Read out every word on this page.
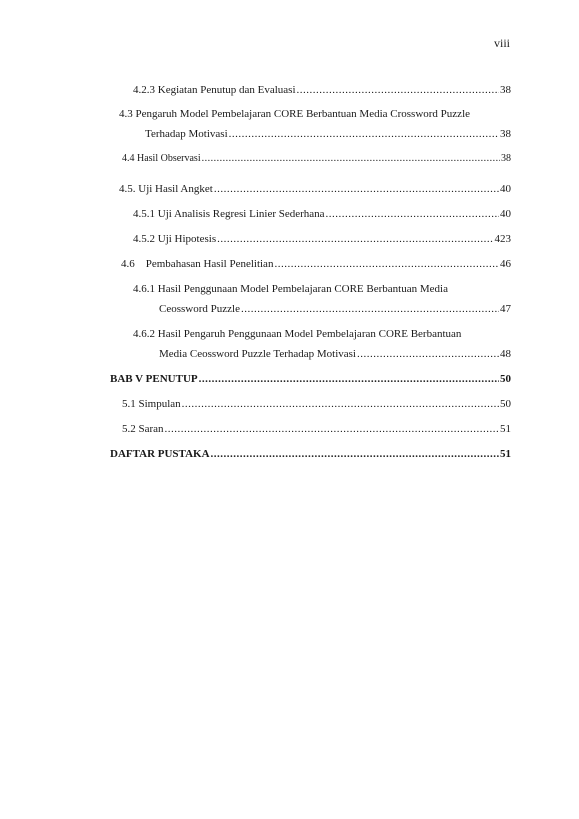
viii
4.2.3 Kegiatan Penutup dan Evaluasi .....	38
4.3 Pengaruh Model Pembelajaran CORE Berbantuan Media Crossword Puzzle
Terhadap Motivasi .....	38
4.4 Hasil Observasi .....	38
4.5. Uji Hasil Angket .....	40
4.5.1 Uji Analisis Regresi Linier Sederhana .....	40
4.5.2 Uji Hipotesis .....	423
4.6    Pembahasan Hasil Penelitian .....	46
4.6.1 Hasil Penggunaan Model Pembelajaran CORE Berbantuan Media
Ceossword Puzzle .....	47
4.6.2 Hasil Pengaruh Penggunaan Model Pembelajaran CORE Berbantuan
Media Ceossword Puzzle Terhadap Motivasi .....	48
BAB V PENUTUP .....	50
5.1 Simpulan .....	50
5.2 Saran .....	51
DAFTAR PUSTAKA .....	51
